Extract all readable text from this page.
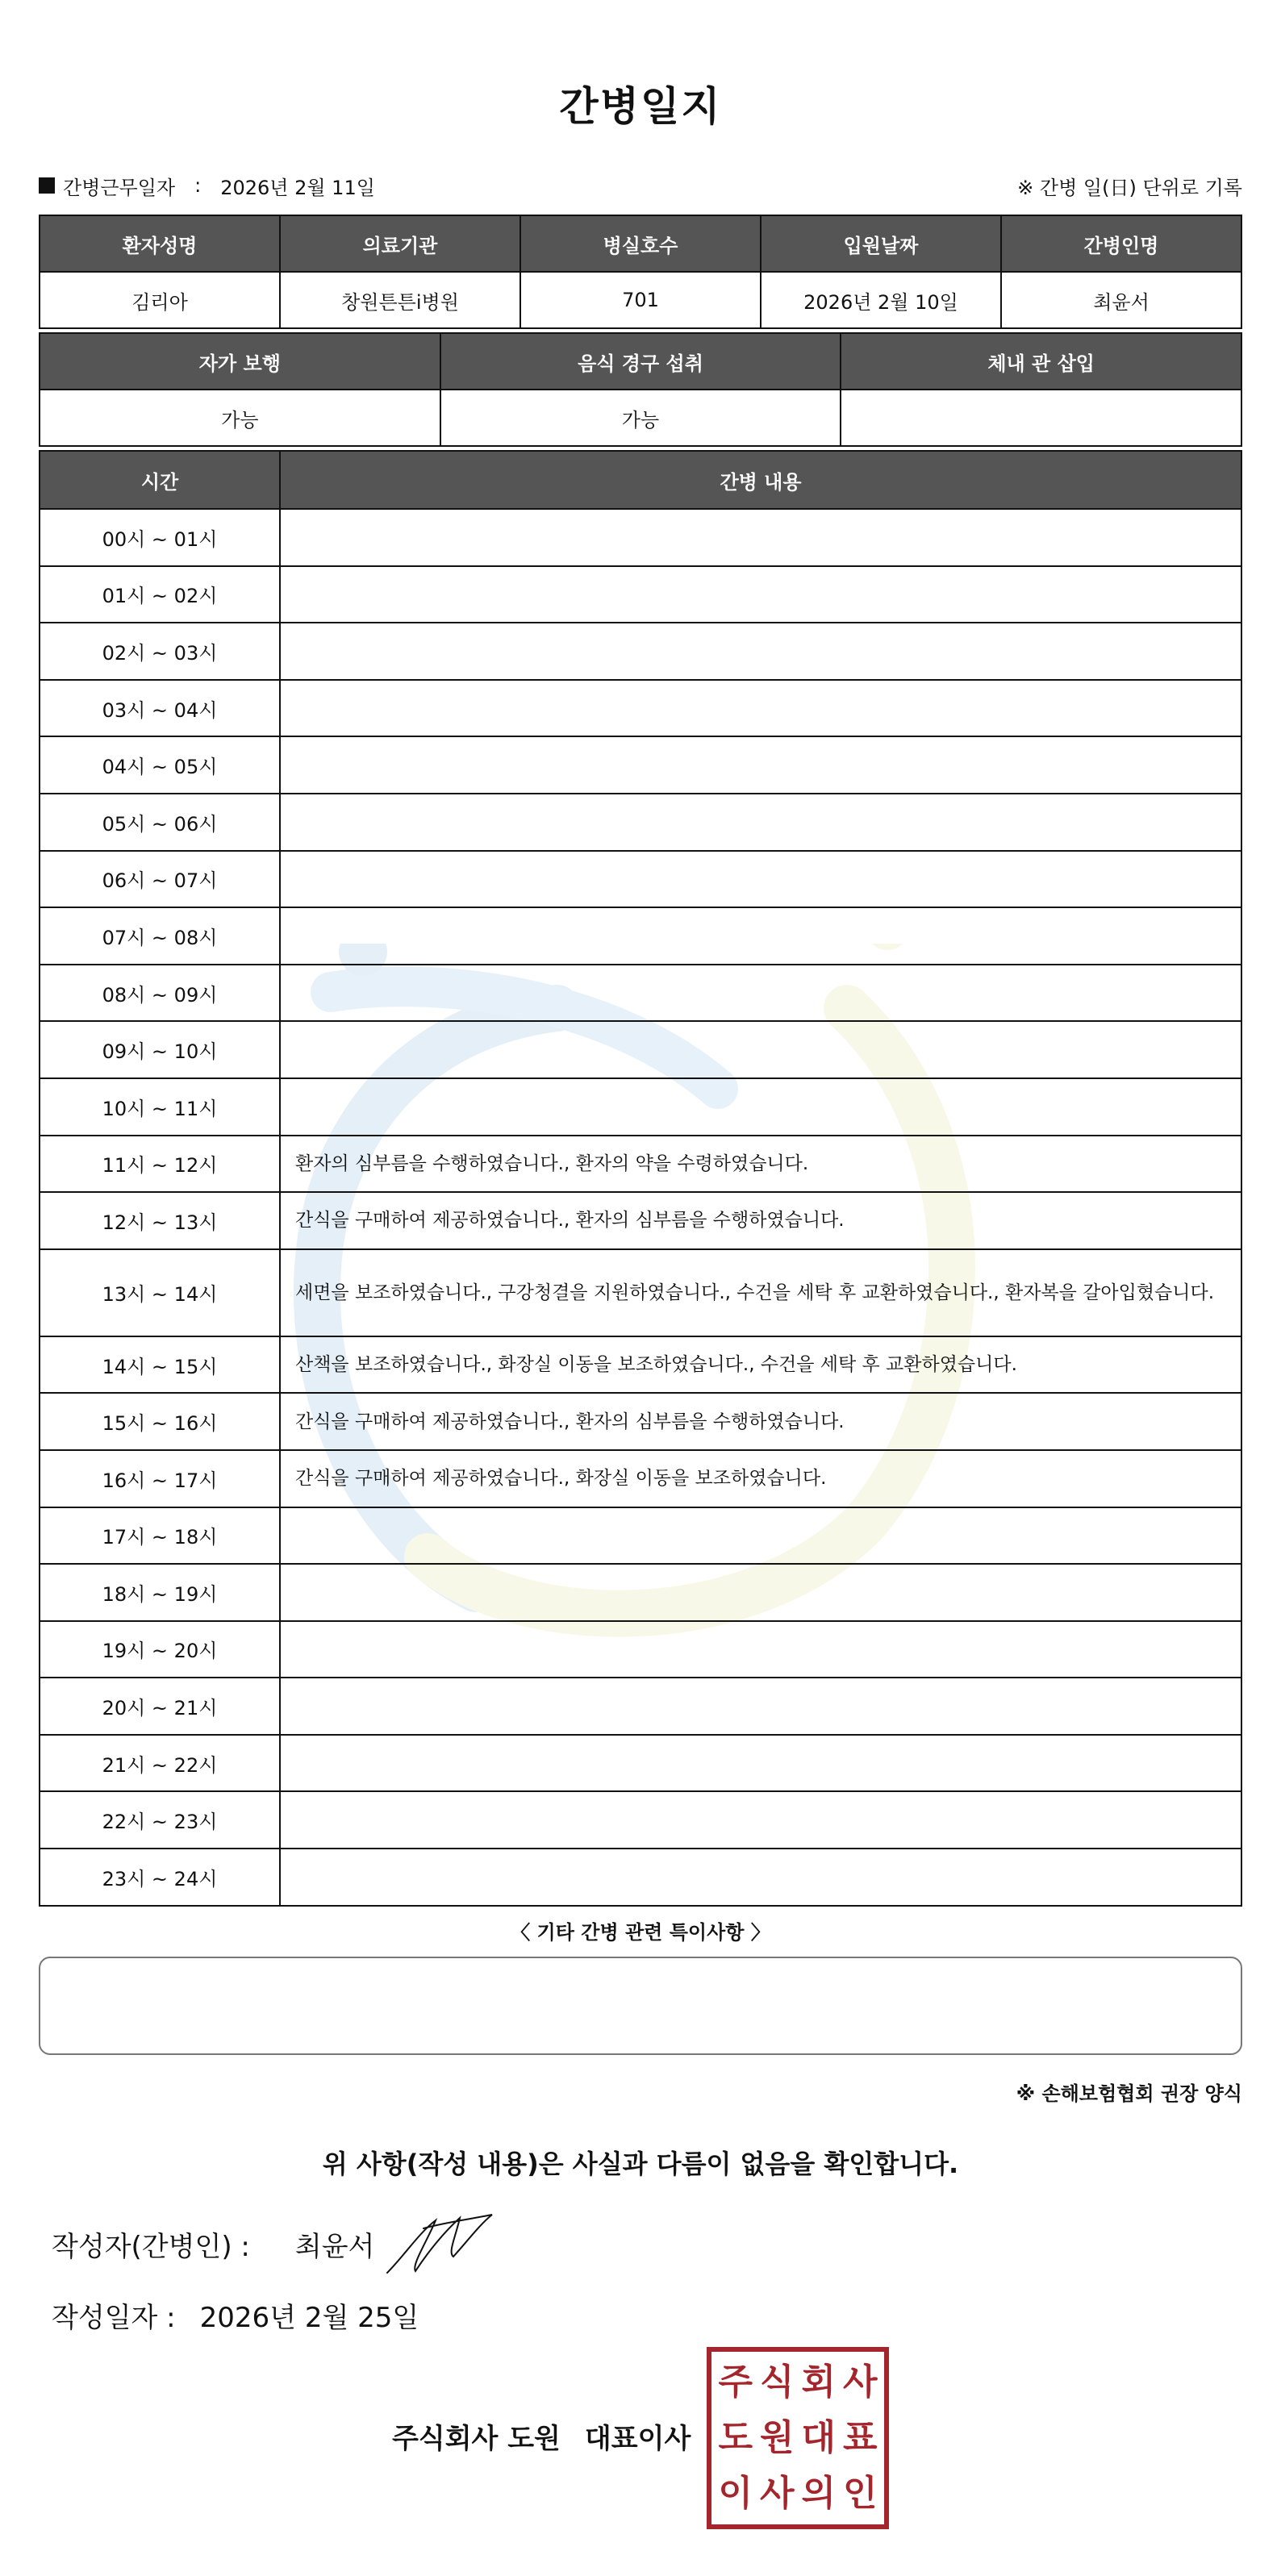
간병일지
간병근무일자 : 2026년 2월 11일	※ 간병 일(日) 단위로 기록
환자성명	의료기관	병실호수	입원날짜	간병인명
김리아	창원튼튼i병원	701	2026년 2월 10일	최윤서
자가 보행	음식 경구 섭취	체내 관 삽입
가능	가능	
시간	간병 내용
00시 ~ 01시	
01시 ~ 02시	
02시 ~ 03시	
03시 ~ 04시	
04시 ~ 05시	
05시 ~ 06시	
06시 ~ 07시	
07시 ~ 08시	
08시 ~ 09시	
09시 ~ 10시	
10시 ~ 11시	
11시 ~ 12시	환자의 심부름을 수행하였습니다., 환자의 약을 수령하였습니다.
12시 ~ 13시	간식을 구매하여 제공하였습니다., 환자의 심부름을 수행하였습니다.
13시 ~ 14시	세면을 보조하였습니다., 구강청결을 지원하였습니다., 수건을 세탁 후 교환하였습니다., 환자복을 갈아입혔습니다.
14시 ~ 15시	산책을 보조하였습니다., 화장실 이동을 보조하였습니다., 수건을 세탁 후 교환하였습니다.
15시 ~ 16시	간식을 구매하여 제공하였습니다., 환자의 심부름을 수행하였습니다.
16시 ~ 17시	간식을 구매하여 제공하였습니다., 화장실 이동을 보조하였습니다.
17시 ~ 18시	
18시 ~ 19시	
19시 ~ 20시	
20시 ~ 21시	
21시 ~ 22시	
22시 ~ 23시	
23시 ~ 24시	
〈 기타 간병 관련 특이사항 〉
※ 손해보험협회 권장 양식
위 사항(작성 내용)은 사실과 다름이 없음을 확인합니다.
작성자(간병인) : 최윤서
작성일자 : 2026년 2월 25일
주식회사 도원 대표이사
주 식 회 사
도 원 대 표
이 사 의 인
